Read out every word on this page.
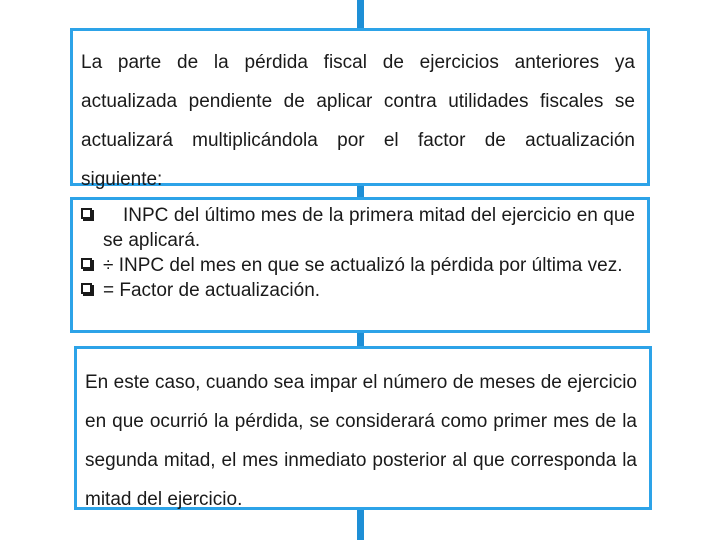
La parte de la pérdida fiscal de ejercicios anteriores ya actualizada pendiente de aplicar contra utilidades fiscales se actualizará multiplicándola por el factor de actualización siguiente:

INPC del último mes de la primera mitad del ejercicio en que se aplicará.
÷ INPC del mes en que se actualizó la pérdida por última vez.
= Factor de actualización.

En este caso, cuando sea impar el número de meses de ejercicio en que ocurrió la pérdida, se considerará como primer mes de la segunda mitad, el mes inmediato posterior al que corresponda la mitad del ejercicio.
